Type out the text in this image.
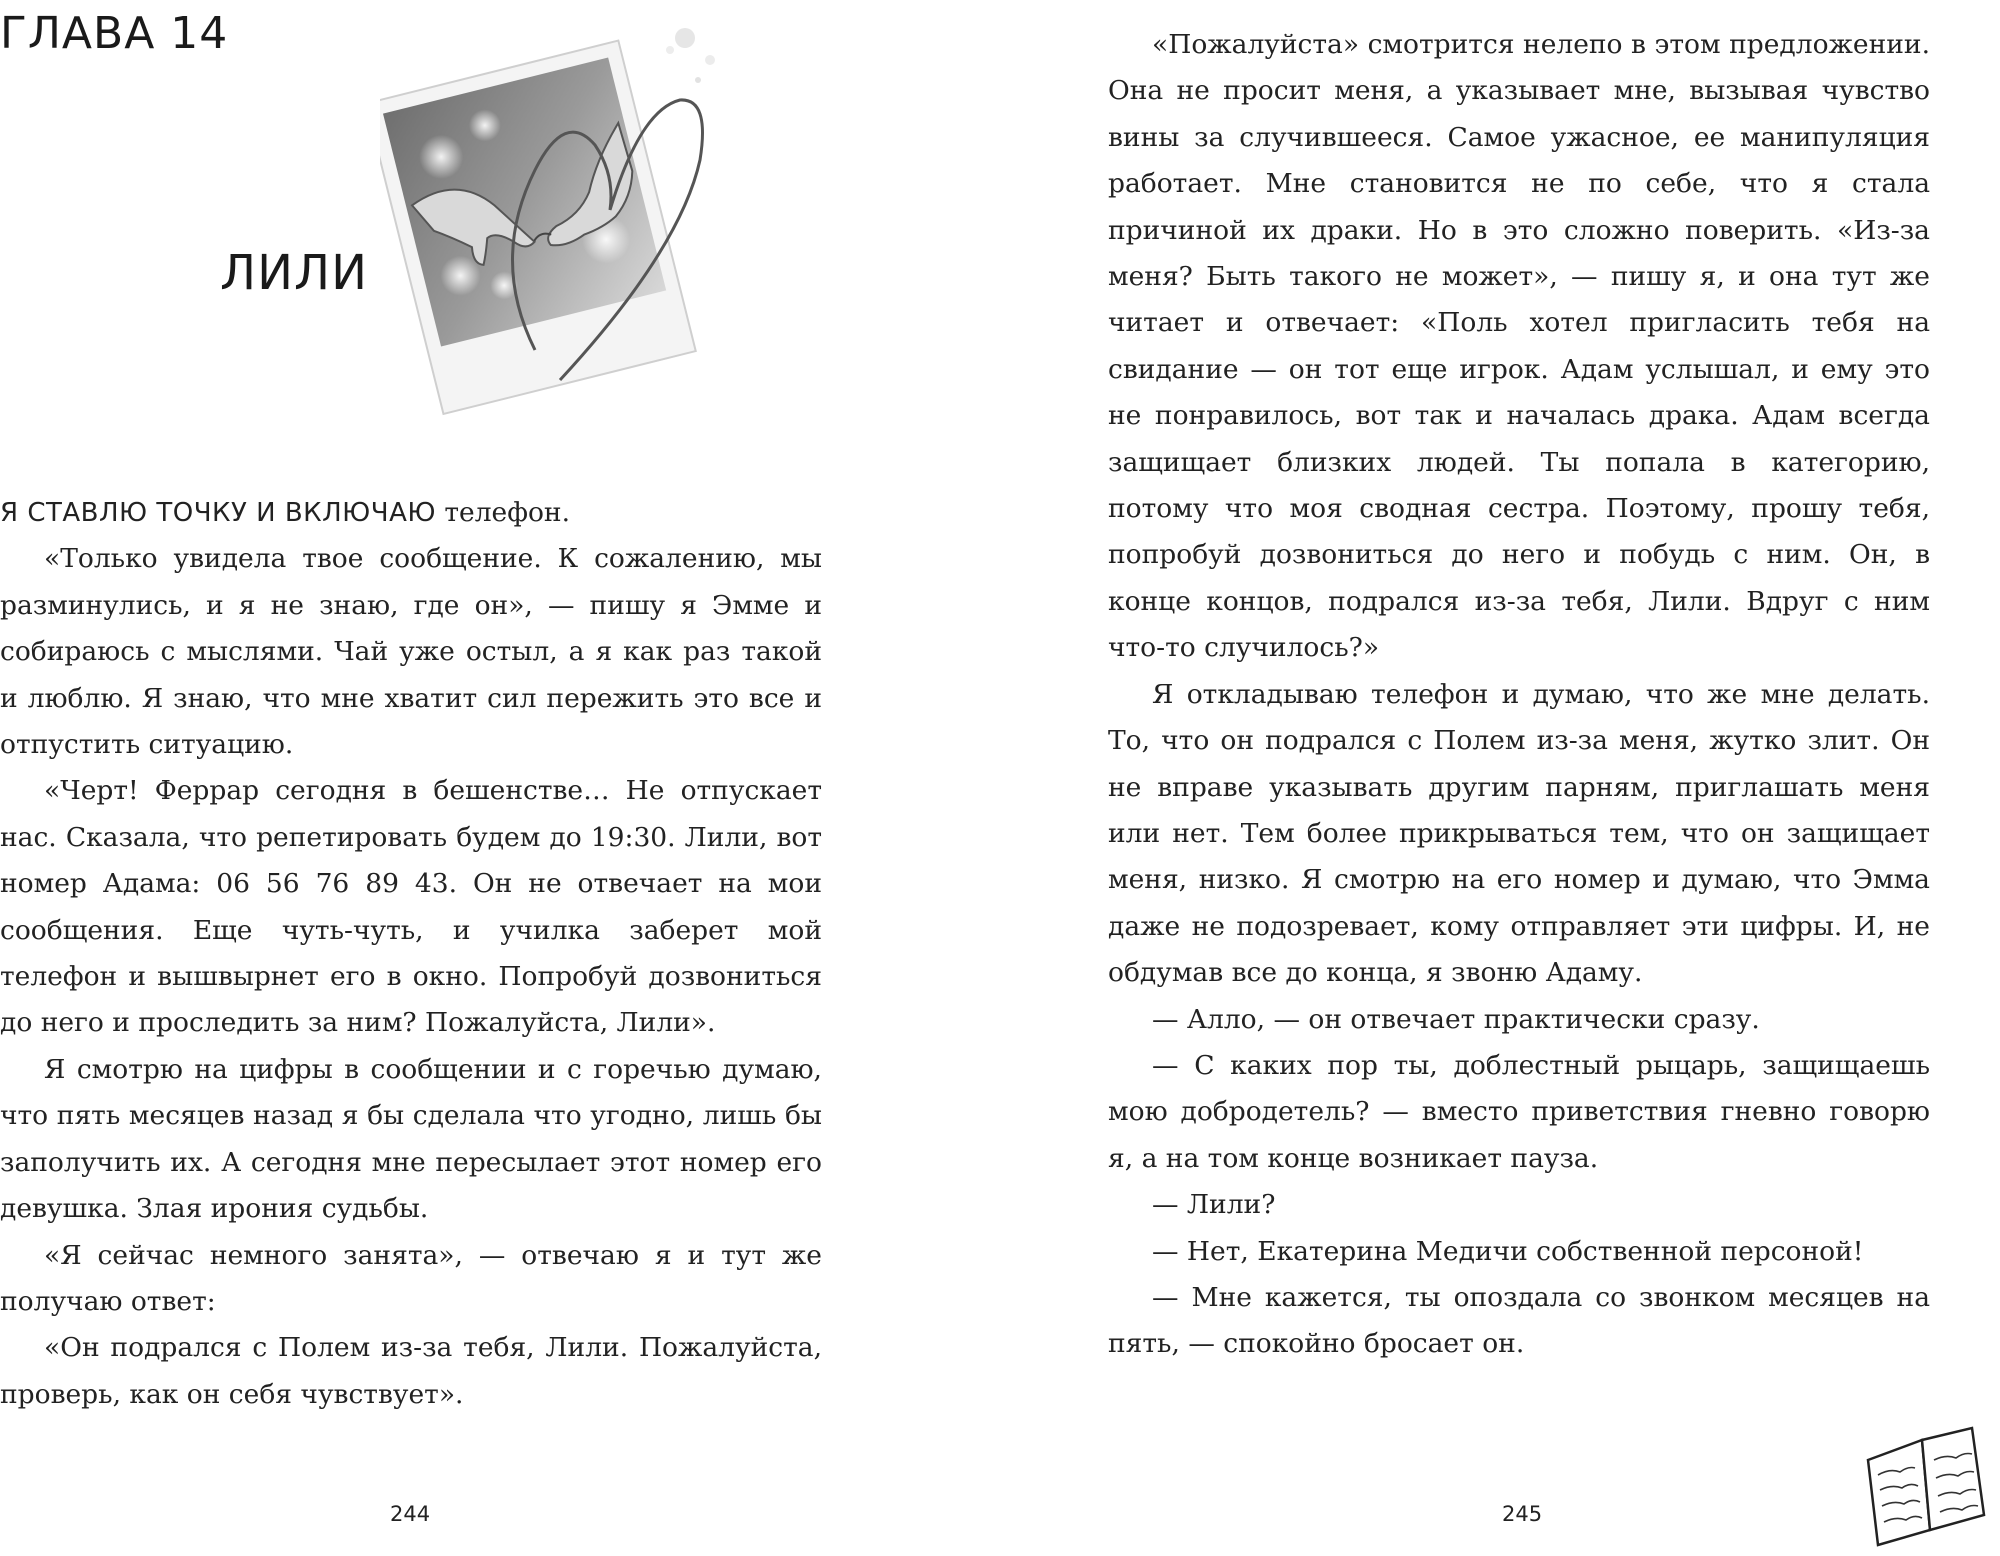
ГЛАВА 14
ЛИЛИ

Я СТАВЛЮ ТОЧКУ И ВКЛЮЧАЮ телефон.

«Только увидела твое сообщение. К сожалению, мы разминулись, и я не знаю, где он», — пишу я Эмме и собираюсь с мыслями. Чай уже остыл, а я как раз такой и люблю. Я знаю, что мне хватит сил пережить это все и отпустить ситуацию.

«Черт! Феррар сегодня в бешенстве… Не отпускает нас. Сказала, что репетировать будем до 19:30. Лили, вот номер Адама: 06 56 76 89 43. Он не отвечает на мои сообщения. Еще чуть-чуть, и училка заберет мой телефон и вышвырнет его в окно. Попробуй дозвониться до него и проследить за ним? Пожалуйста, Лили».

Я смотрю на цифры в сообщении и с горечью думаю, что пять месяцев назад я бы сделала что угодно, лишь бы заполучить их. А сегодня мне пересылает этот номер его девушка. Злая ирония судьбы.

«Я сейчас немного занята», — отвечаю я и тут же получаю ответ:

«Он подрался с Полем из-за тебя, Лили. Пожалуйста, проверь, как он себя чувствует».

244

«Пожалуйста» смотрится нелепо в этом предложении. Она не просит меня, а указывает мне, вызывая чувство вины за случившееся. Самое ужасное, ее манипуляция работает. Мне становится не по себе, что я стала причиной их драки. Но в это сложно поверить. «Из-за меня? Быть такого не может», — пишу я, и она тут же читает и отвечает: «Поль хотел пригласить тебя на свидание — он тот еще игрок. Адам услышал, и ему это не понравилось, вот так и началась драка. Адам всегда защищает близких людей. Ты попала в категорию, потому что моя сводная сестра. Поэтому, прошу тебя, попробуй дозвониться до него и побудь с ним. Он, в конце концов, подрался из-за тебя, Лили. Вдруг с ним что-то случилось?»

Я откладываю телефон и думаю, что же мне делать. То, что он подрался с Полем из-за меня, жутко злит. Он не вправе указывать другим парням, приглашать меня или нет. Тем более прикрываться тем, что он защищает меня, низко. Я смотрю на его номер и думаю, что Эмма даже не подозревает, кому отправляет эти цифры. И, не обдумав все до конца, я звоню Адаму.

— Алло, — он отвечает практически сразу.

— С каких пор ты, доблестный рыцарь, защищаешь мою добродетель? — вместо приветствия гневно говорю я, а на том конце возникает пауза.

— Лили?

— Нет, Екатерина Медичи собственной персоной!

— Мне кажется, ты опоздала со звонком месяцев на пять, — спокойно бросает он.

245
